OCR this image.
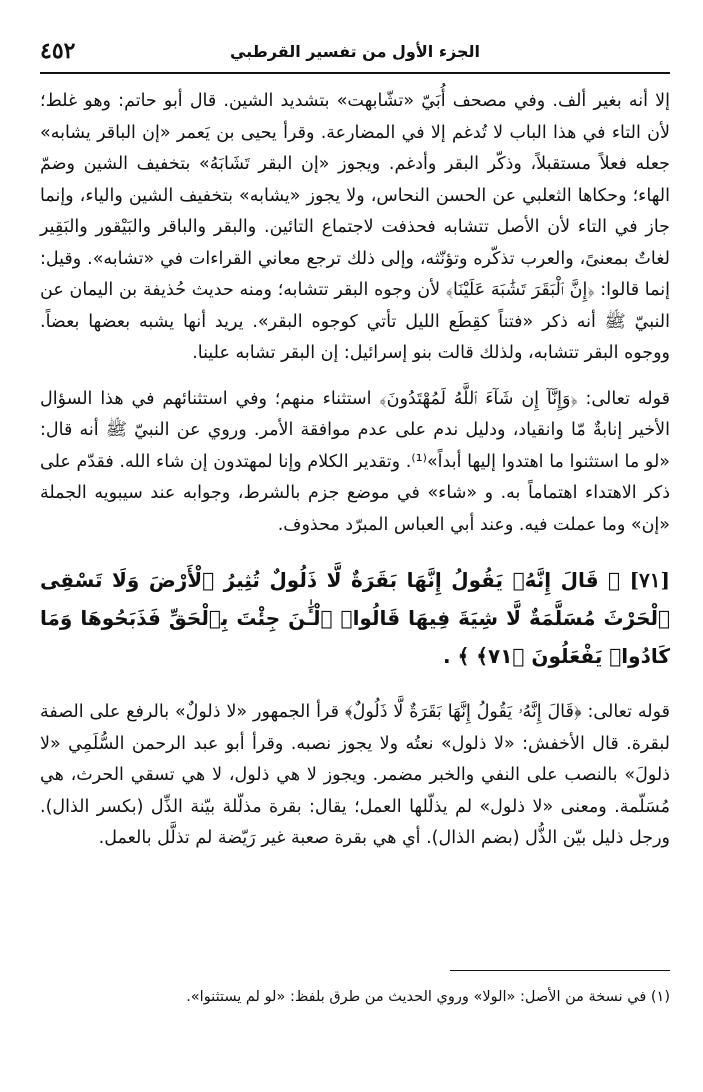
٤٥٢	الجزء الأول من تفسير القرطبي

إلا أنه بغير ألف. وفي مصحف أُبَيّ «تشّابهت» بتشديد الشين. قال أبو حاتم: وهو غلط؛ لأن التاء في هذا الباب لا تُدغم إلا في المضارعة. وقرأ يحيى بن يَعمر «إن الباقر يشابه» جعله فعلاً مستقبلاً، وذكّر البقر وأدغم. ويجوز «إن البقر تَشَابَهُ» بتخفيف الشين وضمّ الهاء؛ وحكاها الثعلبي عن الحسن النحاس، ولا يجوز «يشابه» بتخفيف الشين والياء، وإنما جاز في التاء لأن الأصل تتشابه فحذفت لاجتماع التائين. والبقر والباقر والبَيْقور والبَقِير لغاتٌ بمعنىً، والعرب تذكّره وتؤنّثه، وإلى ذلك ترجع معاني القراءات في «تشابه». وقيل: إنما قالوا: ﴿إِنَّ ٱلْبَقَرَ تَشَٰبَهَ عَلَيْنَا﴾ لأن وجوه البقر تتشابه؛ ومنه حديث حُذيفة بن اليمان عن النبيّ ﷺ أنه ذكر «فتناً كقِطَع الليل تأتي كوجوه البقر». يريد أنها يشبه بعضها بعضاً. ووجوه البقر تتشابه، ولذلك قالت بنو إسرائيل: إن البقر تشابه علينا.

قوله تعالى: ﴿وَإِنَّآ إِن شَآءَ ٱللَّهُ لَمُهْتَدُونَ﴾ استثناء منهم؛ وفي استثنائهم في هذا السؤال الأخير إنابةٌ مّا وانقياد، ودليل ندم على عدم موافقة الأمر. وروي عن النبيّ ﷺ أنه قال: «لو ما استثنوا ما اهتدوا إليها أبداً»⁽¹⁾. وتقدير الكلام وإنا لمهتدون إن شاء الله. فقدّم على ذكر الاهتداء اهتماماً به. و «شاء» في موضع جزم بالشرط، وجوابه عند سيبويه الجملة «إن» وما عملت فيه. وعند أبي العباس المبرّد محذوف.

[٧١] ﴿ قَالَ إِنَّهُۥ يَقُولُ إِنَّهَا بَقَرَةٌ لَّا ذَلُولٌ تُثِيرُ ٱلْأَرْضَ وَلَا تَسْقِى ٱلْحَرْثَ مُسَلَّمَةٌ لَّا شِيَةَ فِيهَا قَالُوا۟ ٱلْـَٰٔنَ جِئْتَ بِٱلْحَقِّ فَذَبَحُوهَا وَمَا كَادُوا۟ يَفْعَلُونَ ﴿٧١﴾ ﴾ .

قوله تعالى: ﴿قَالَ إِنَّهُۥ يَقُولُ إِنَّهَا بَقَرَةٌ لَّا ذَلُولٌ﴾ قرأ الجمهور «لا ذلولٌ» بالرفع على الصفة لبقرة. قال الأخفش: «لا ذلول» نعتُه ولا يجوز نصبه. وقرأ أبو عبد الرحمن السُّلَمِي «لا ذلولَ» بالنصب على النفي والخبر مضمر. ويجوز لا هي ذلول، لا هي تسقي الحرث، هي مُسَلّمة. ومعنى «لا ذلول» لم يذلّلها العمل؛ يقال: بقرة مذلّلة بيّنة الذِّل (بكسر الذال). ورجل ذليل بيّن الذُّل (بضم الذال). أي هي بقرة صعبة غير رَيّضة لم تذلَّل بالعمل.

(١) في نسخة من الأصل: «الولا» وروي الحديث من طرق بلفظ: «لو لم يستثنوا».
